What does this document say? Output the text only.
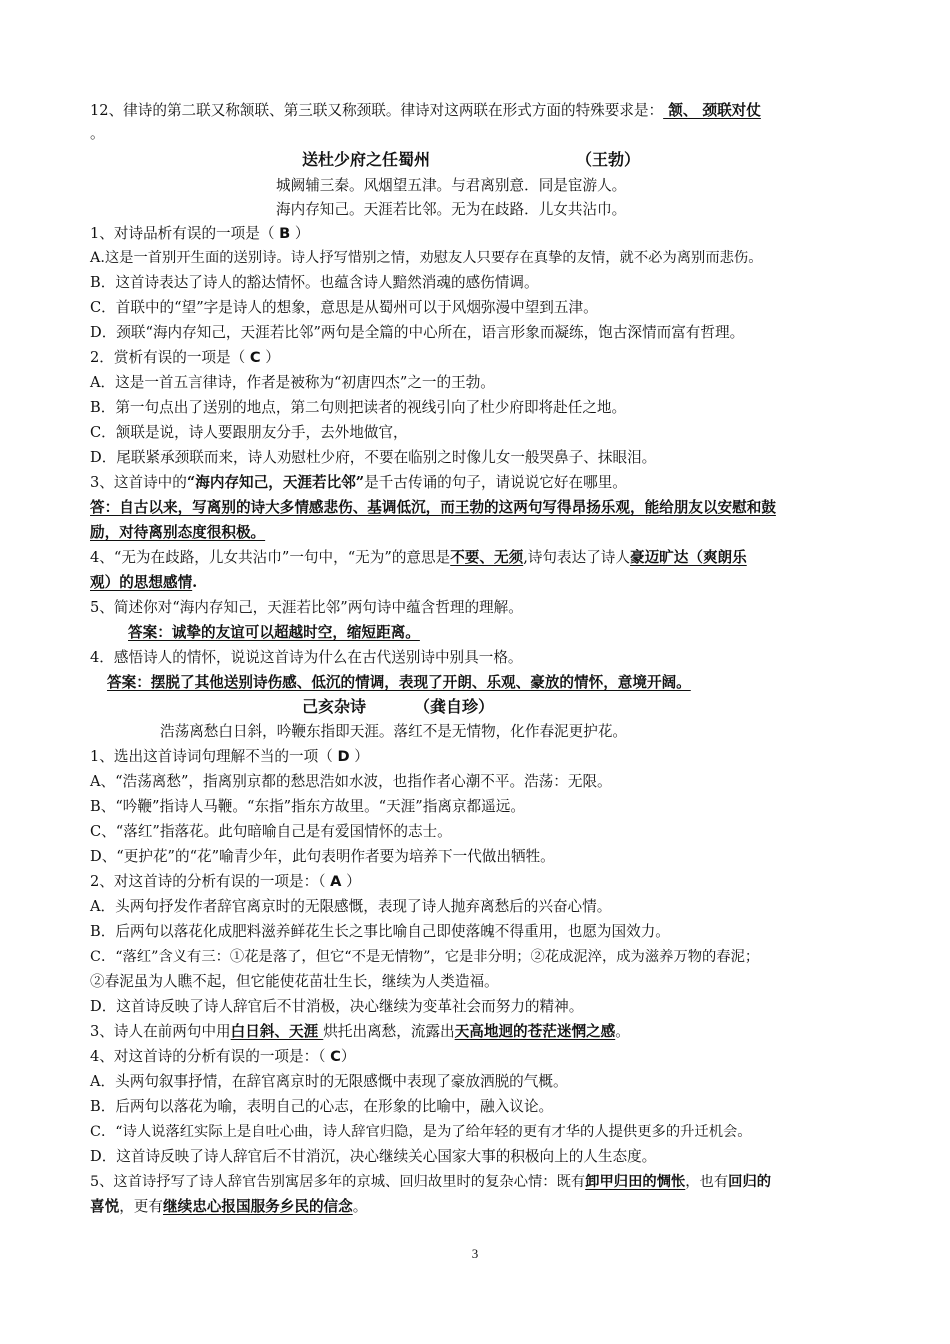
12、律诗的第二联又称颔联、第三联又称颈联。律诗对这两联在形式方面的特殊要求是： 颔、 颈联对仗
。
送杜少府之任蜀州	（王勃）
城阙辅三秦。风烟望五津。与君离别意．同是宦游人。
海内存知己。天涯若比邻。无为在歧路．儿女共沾巾。
1、对诗品析有误的一项是（ B ）
A.这是一首别开生面的送别诗。诗人抒写惜别之情，劝慰友人只要存在真挚的友情，就不必为离别而悲伤。
B．这首诗表达了诗人的豁达情怀。也蕴含诗人黯然消魂的感伤情调。
C．首联中的“望”字是诗人的想象，意思是从蜀州可以于风烟弥漫中望到五津。
D．颈联“海内存知己，天涯若比邻”两句是全篇的中心所在，语言形象而凝练，饱古深情而富有哲理。
2．赏析有误的一项是（ C ）
A．这是一首五言律诗，作者是被称为“初唐四杰”之一的王勃。
B．第一句点出了送别的地点，第二句则把读者的视线引向了杜少府即将赴任之地。
C．颔联是说，诗人要跟朋友分手，去外地做官，
D．尾联紧承颈联而来，诗人劝慰杜少府，不要在临别之时像儿女一般哭鼻子、抹眼泪。
3、这首诗中的“海内存知己，天涯若比邻”是千古传诵的句子，请说说它好在哪里。
答：自古以来，写离别的诗大多情感悲伤、基调低沉，而王勃的这两句写得昂扬乐观，能给朋友以安慰和鼓
励，对待离别态度很积极。
4、“无为在歧路，儿女共沾巾”一句中，“无为”的意思是不要、无须,诗句表达了诗人豪迈旷达（爽朗乐
观）的思想感情.
5、简述你对“海内存知己，天涯若比邻”两句诗中蕴含哲理的理解。
答案：诚挚的友谊可以超越时空，缩短距离。
4．感悟诗人的情怀，说说这首诗为什么在古代送别诗中别具一格。
答案：摆脱了其他送别诗伤感、低沉的情调，表现了开朗、乐观、豪放的情怀，意境开阔。
己亥杂诗	（龚自珍）
浩荡离愁白日斜，吟鞭东指即天涯。落红不是无情物，化作春泥更护花。
1、选出这首诗词句理解不当的一项（ D ）
A、“浩荡离愁”，指离别京都的愁思浩如水波，也指作者心潮不平。浩荡：无限。
B、“吟鞭”指诗人马鞭。“东指”指东方故里。“天涯”指离京都遥远。
C、“落红”指落花。此句暗喻自己是有爱国情怀的志士。
D、“更护花”的“花”喻青少年，此句表明作者要为培养下一代做出牺牲。
2、对这首诗的分析有误的一项是：（ A ）
A．头两句抒发作者辞官离京时的无限感慨，表现了诗人抛弃离愁后的兴奋心情。
B．后两句以落花化成肥料滋养鲜花生长之事比喻自己即使落魄不得重用，也愿为国效力。
C．“落红”含义有三：①花是落了，但它“不是无情物”，它是非分明；②花成泥淬，成为滋养万物的春泥；
②春泥虽为人瞧不起，但它能使花苗壮生长，继续为人类造福。
D．这首诗反映了诗人辞官后不甘消极，决心继续为变革社会而努力的精神。
3、诗人在前两句中用白日斜、天涯 烘托出离愁，流露出天高地迥的苍茫迷惘之感。
4、对这首诗的分析有误的一项是：（ C）
A．头两句叙事抒情，在辞官离京时的无限感慨中表现了豪放洒脱的气概。
B．后两句以落花为喻，表明自己的心志，在形象的比喻中，融入议论。
C．“诗人说落红实际上是自吐心曲，诗人辞官归隐，是为了给年轻的更有才华的人提供更多的升迁机会。
D．这首诗反映了诗人辞官后不甘消沉，决心继续关心国家大事的积极向上的人生态度。
5、这首诗抒写了诗人辞官告别寓居多年的京城、回归故里时的复杂心情：既有卸甲归田的惆怅，也有回归的
喜悦，更有继续忠心报国服务乡民的信念。
3
